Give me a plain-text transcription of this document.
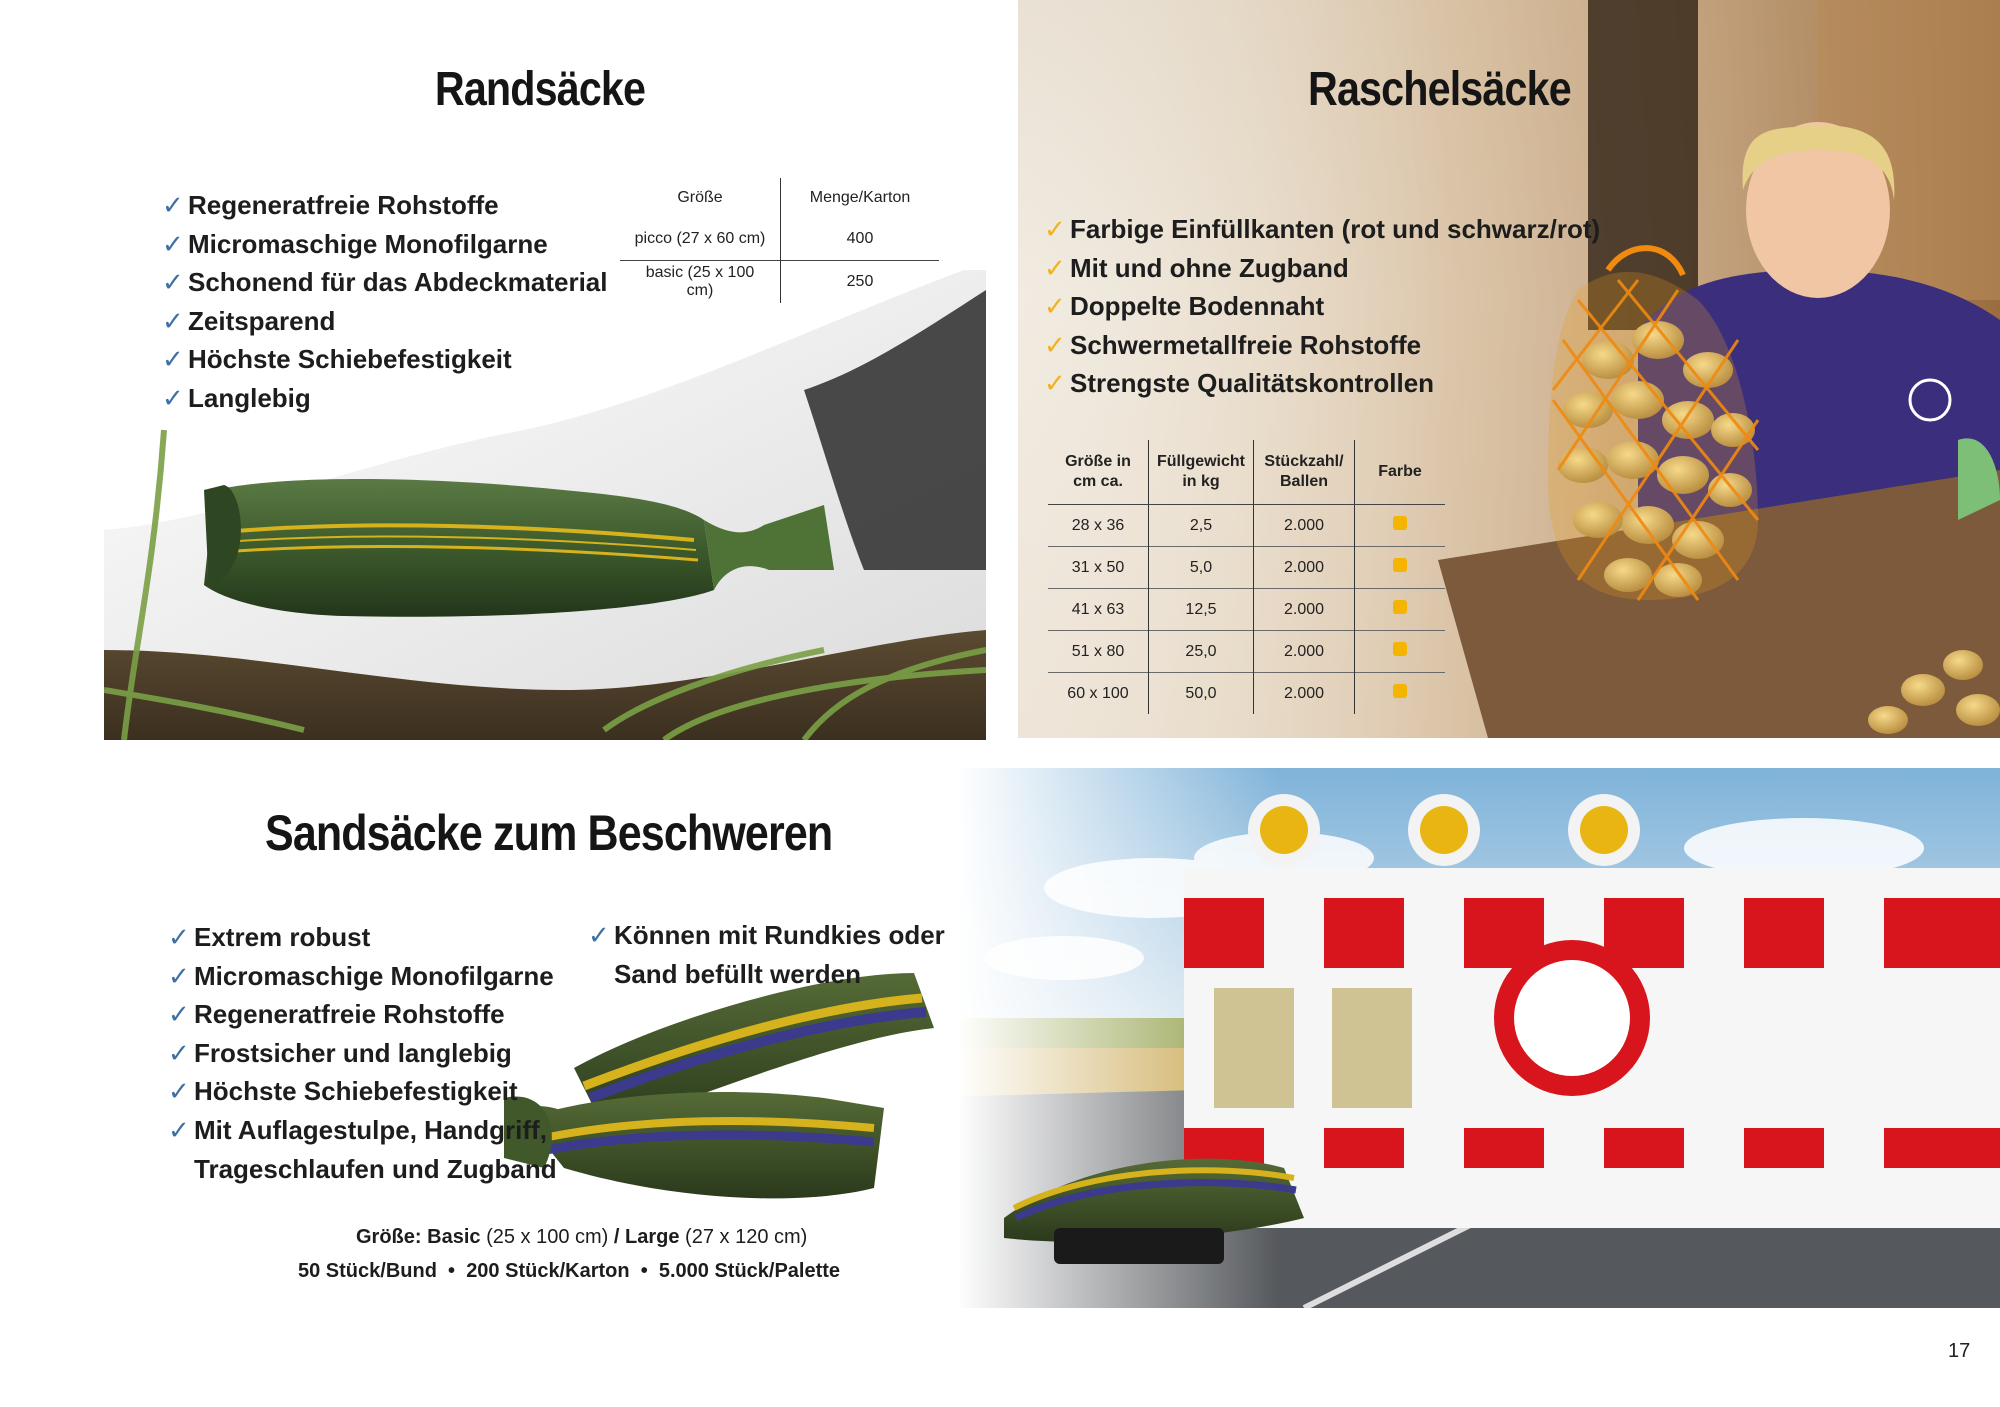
Randsäcke
✓ Regeneratfreie Rohstoffe
✓ Micromaschige Monofilgarne
✓ Schonend für das Abdeckmaterial
✓ Zeitsparend
✓ Höchste Schiebefestigkeit
✓ Langlebig
Größe	Menge/Karton
picco (27 x 60 cm)	400
basic (25 x 100 cm)	250
Raschelsäcke
✓ Farbige Einfüllkanten (rot und schwarz/rot)
✓ Mit und ohne Zugband
✓ Doppelte Bodennaht
✓ Schwermetallfreie Rohstoffe
✓ Strengste Qualitätskontrollen
Größe in cm ca.	Füllgewicht in kg	Stückzahl/ Ballen	Farbe
28 x 36	2,5	2.000	
31 x 50	5,0	2.000	
41 x 63	12,5	2.000	
51 x 80	25,0	2.000	
60 x 100	50,0	2.000	
Sandsäcke zum Beschweren
✓ Extrem robust
✓ Micromaschige Monofilgarne
✓ Regeneratfreie Rohstoffe
✓ Frostsicher und langlebig
✓ Höchste Schiebefestigkeit
✓ Mit Auflagestulpe, Handgriff,
Trageschlaufen und Zugband
✓ Können mit Rundkies oder
Sand befüllt werden
Größe: Basic (25 x 100 cm) / Large (27 x 120 cm)
50 Stück/Bund • 200 Stück/Karton • 5.000 Stück/Palette
17
